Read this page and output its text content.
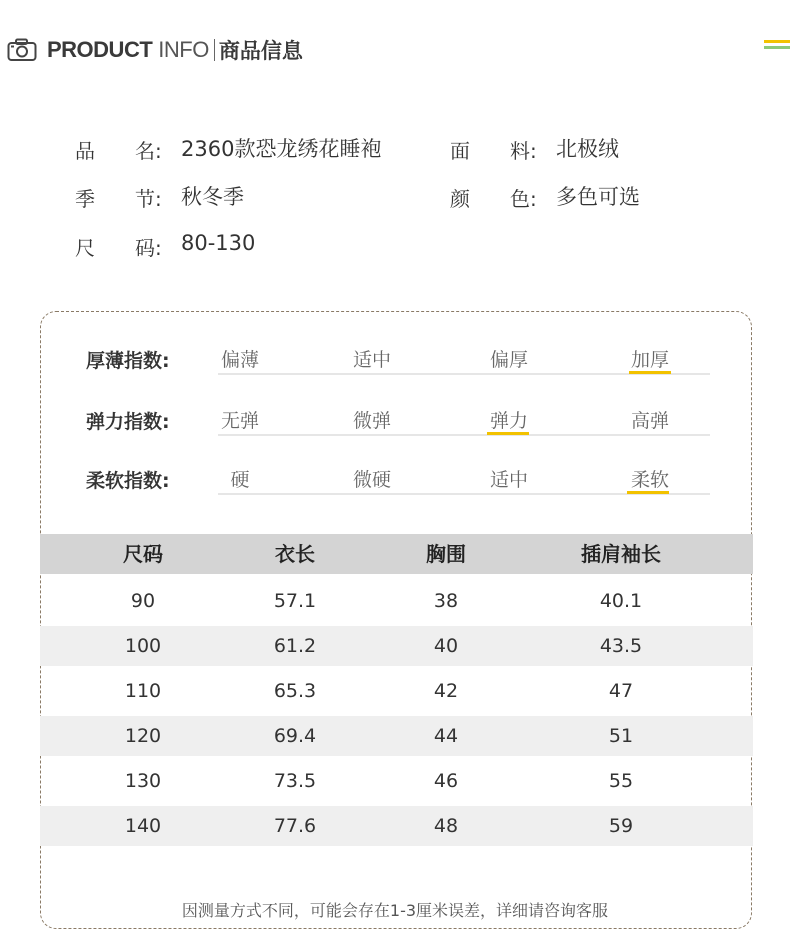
PRODUCT INFO 商品信息
品　　名: 2360款恐龙绣花睡袍	面　　料: 北极绒
季　　节: 秋冬季	颜　　色: 多色可选
尺　　码: 80-130
厚薄指数:	偏薄	适中	偏厚	加厚
弹力指数:	无弹	微弹	弹力	高弹
柔软指数:	硬	微硬	适中	柔软
尺码	衣长	胸围	插肩袖长
90	57.1	38	40.1
100	61.2	40	43.5
110	65.3	42	47
120	69.4	44	51
130	73.5	46	55
140	77.6	48	59
因测量方式不同，可能会存在1-3厘米误差，详细请咨询客服
